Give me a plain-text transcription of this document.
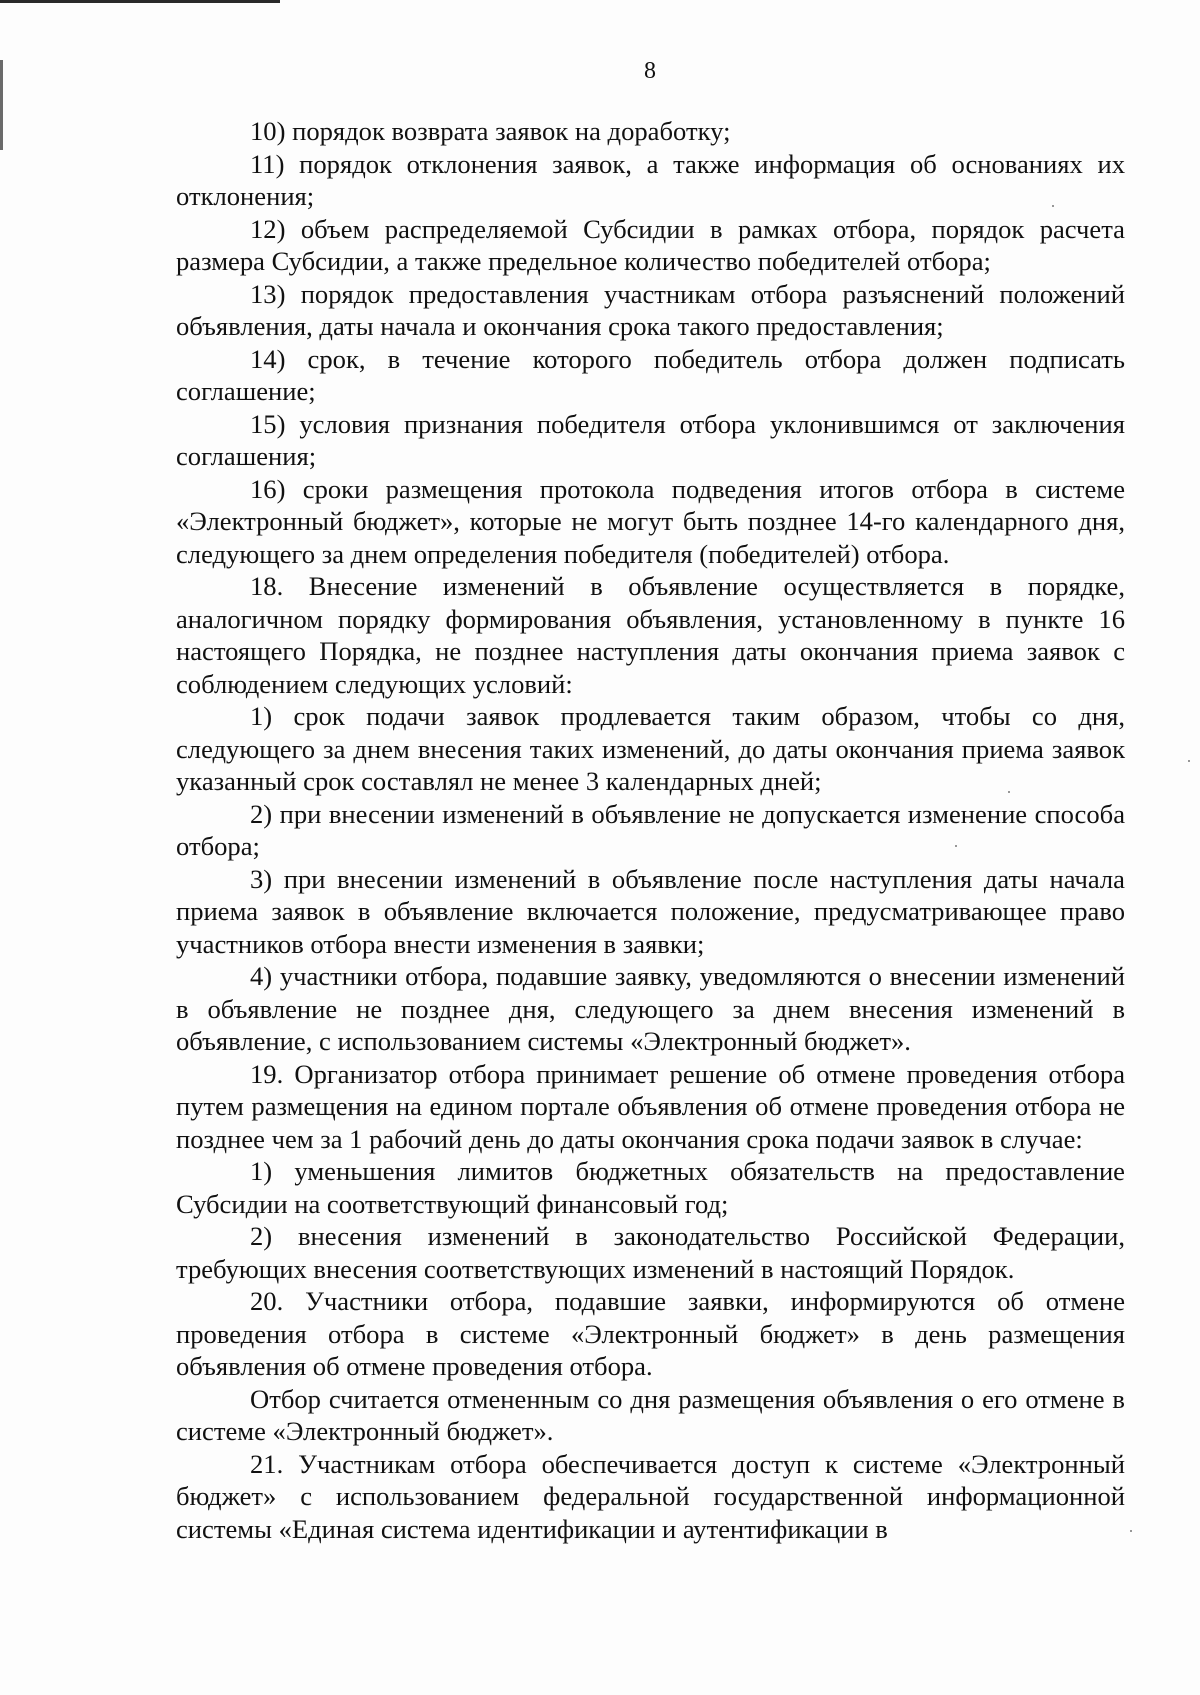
8

10) порядок возврата заявок на доработку;

11) порядок отклонения заявок, а также информация об основаниях их отклонения;

12) объем распределяемой Субсидии в рамках отбора, порядок расчета размера Субсидии, а также предельное количество победителей отбора;

13) порядок предоставления участникам отбора разъяснений положений объявления, даты начала и окончания срока такого предоставления;

14) срок, в течение которого победитель отбора должен подписать соглашение;

15) условия признания победителя отбора уклонившимся от заключения соглашения;

16) сроки размещения протокола подведения итогов отбора в системе «Электронный бюджет», которые не могут быть позднее 14-го календарного дня, следующего за днем определения победителя (победителей) отбора.

18. Внесение изменений в объявление осуществляется в порядке, аналогичном порядку формирования объявления, установленному в пункте 16 настоящего Порядка, не позднее наступления даты окончания приема заявок с соблюдением следующих условий:

1) срок подачи заявок продлевается таким образом, чтобы со дня, следующего за днем внесения таких изменений, до даты окончания приема заявок указанный срок составлял не менее 3 календарных дней;

2) при внесении изменений в объявление не допускается изменение способа отбора;

3) при внесении изменений в объявление после наступления даты начала приема заявок в объявление включается положение, предусматривающее право участников отбора внести изменения в заявки;

4) участники отбора, подавшие заявку, уведомляются о внесении изменений в объявление не позднее дня, следующего за днем внесения изменений в объявление, с использованием системы «Электронный бюджет».

19. Организатор отбора принимает решение об отмене проведения отбора путем размещения на едином портале объявления об отмене проведения отбора не позднее чем за 1 рабочий день до даты окончания срока подачи заявок в случае:

1) уменьшения лимитов бюджетных обязательств на предоставление Субсидии на соответствующий финансовый год;

2) внесения изменений в законодательство Российской Федерации, требующих внесения соответствующих изменений в настоящий Порядок.

20. Участники отбора, подавшие заявки, информируются об отмене проведения отбора в системе «Электронный бюджет» в день размещения объявления об отмене проведения отбора.

Отбор считается отмененным со дня размещения объявления о его отмене в системе «Электронный бюджет».

21. Участникам отбора обеспечивается доступ к системе «Электронный бюджет» с использованием федеральной государственной информационной системы «Единая система идентификации и аутентификации в
